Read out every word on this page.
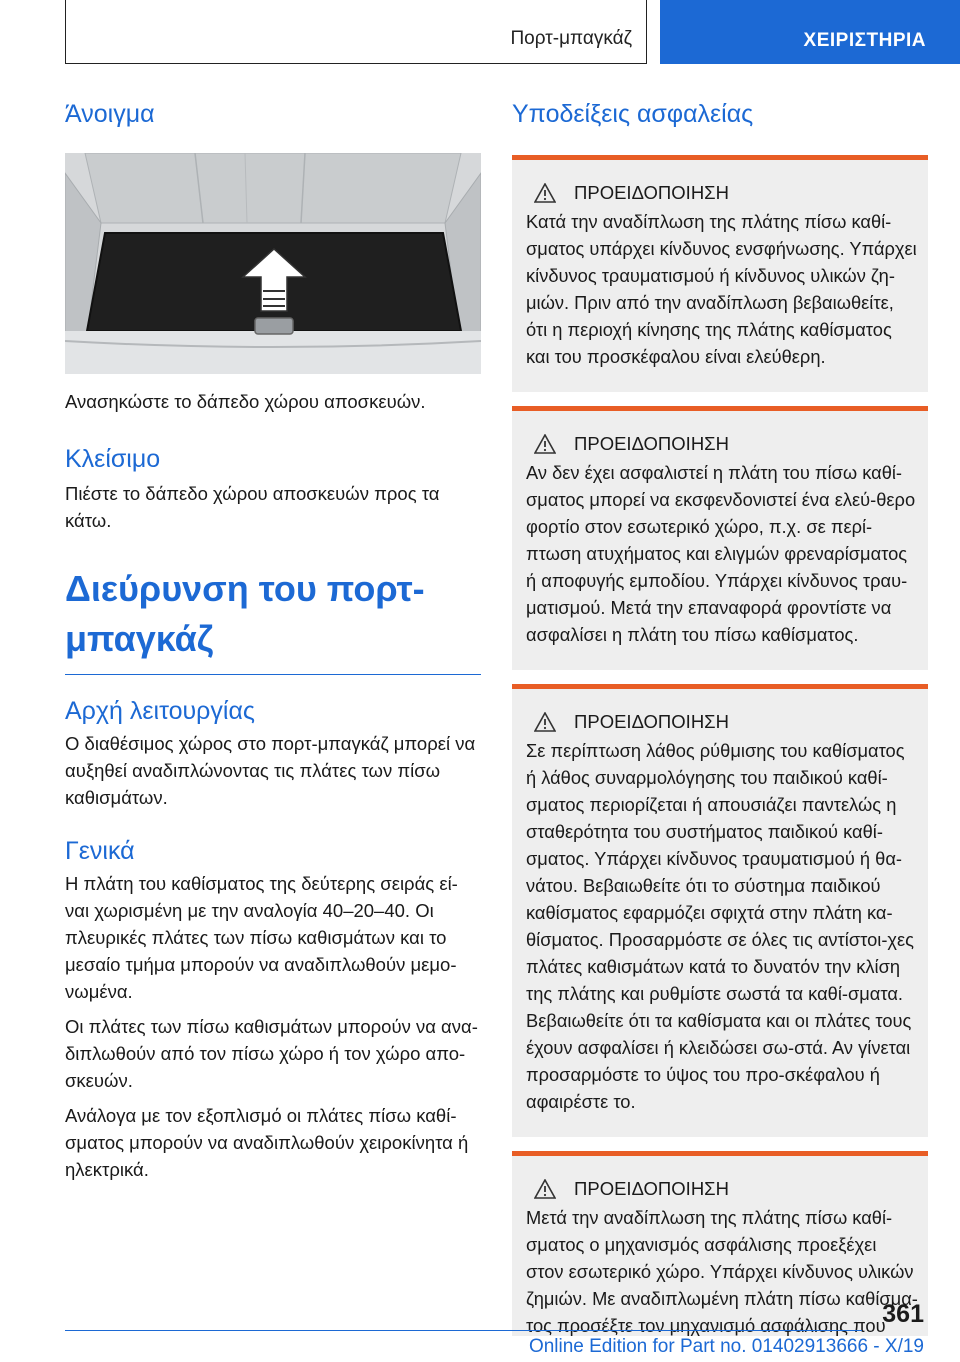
Πορτ-μπαγκάζ	ΧΕΙΡΙΣΤΗΡΙΑ
Άνοιγμα

Ανασηκώστε το δάπεδο χώρου αποσκευών.

Κλείσιμο

Πιέστε το δάπεδο χώρου αποσκευών προς τα κάτω.

Διεύρυνση του πορτ-
μπαγκάζ
Αρχή λειτουργίας

Ο διαθέσιμος χώρος στο πορτ-μπαγκάζ μπορεί να αυξηθεί αναδιπλώνοντας τις πλάτες των πίσω καθισμάτων.

Γενικά

Η πλάτη του καθίσματος της δεύτερης σειράς εί-ναι χωρισμένη με την αναλογία 40–20–40. Οι πλευρικές πλάτες των πίσω καθισμάτων και το μεσαίο τμήμα μπορούν να αναδιπλωθούν μεμο-νωμένα.

Οι πλάτες των πίσω καθισμάτων μπορούν να ανα-διπλωθούν από τον πίσω χώρο ή τον χώρο απο-σκευών.

Ανάλογα με τον εξοπλισμό οι πλάτες πίσω καθί-σματος μπορούν να αναδιπλωθούν χειροκίνητα ή ηλεκτρικά.

Υποδείξεις ασφαλείας
ΠΡΟΕΙΔΟΠΟΙΗΣΗ

Κατά την αναδίπλωση της πλάτης πίσω καθί-σματος υπάρχει κίνδυνος ενσφήνωσης. Υπάρχει κίνδυνος τραυματισμού ή κίνδυνος υλικών ζη-μιών. Πριν από την αναδίπλωση βεβαιωθείτε, ότι η περιοχή κίνησης της πλάτης καθίσματος και του προσκέφαλου είναι ελεύθερη.

ΠΡΟΕΙΔΟΠΟΙΗΣΗ

Αν δεν έχει ασφαλιστεί η πλάτη του πίσω καθί-σματος μπορεί να εκσφενδονιστεί ένα ελεύ-θερο φορτίο στον εσωτερικό χώρο, π.χ. σε περί-πτωση ατυχήματος και ελιγμών φρεναρίσματος ή αποφυγής εμποδίου. Υπάρχει κίνδυνος τραυ-ματισμού. Μετά την επαναφορά φροντίστε να ασφαλίσει η πλάτη του πίσω καθίσματος.

ΠΡΟΕΙΔΟΠΟΙΗΣΗ

Σε περίπτωση λάθος ρύθμισης του καθίσματος ή λάθος συναρμολόγησης του παιδικού καθί-σματος περιορίζεται ή απουσιάζει παντελώς η σταθερότητα του συστήματος παιδικού καθί-σματος. Υπάρχει κίνδυνος τραυματισμού ή θα-νάτου. Βεβαιωθείτε ότι το σύστημα παιδικού καθίσματος εφαρμόζει σφιχτά στην πλάτη κα-θίσματος. Προσαρμόστε σε όλες τις αντίστοι-χες πλάτες καθισμάτων κατά το δυνατόν την κλίση της πλάτης και ρυθμίστε σωστά τα καθί-σματα. Βεβαιωθείτε ότι τα καθίσματα και οι πλάτες τους έχουν ασφαλίσει ή κλειδώσει σω-στά. Αν γίνεται προσαρμόστε το ύψος του προ-σκέφαλου ή αφαιρέστε το.

ΠΡΟΕΙΔΟΠΟΙΗΣΗ

Μετά την αναδίπλωση της πλάτης πίσω καθί-σματος ο μηχανισμός ασφάλισης προεξέχει στον εσωτερικό χώρο. Υπάρχει κίνδυνος υλικών ζημιών. Με αναδιπλωμένη πλάτη πίσω καθίσμα-τος προσέξτε τον μηχανισμό ασφάλισης που

361
Online Edition for Part no. 01402913666 - X/19
